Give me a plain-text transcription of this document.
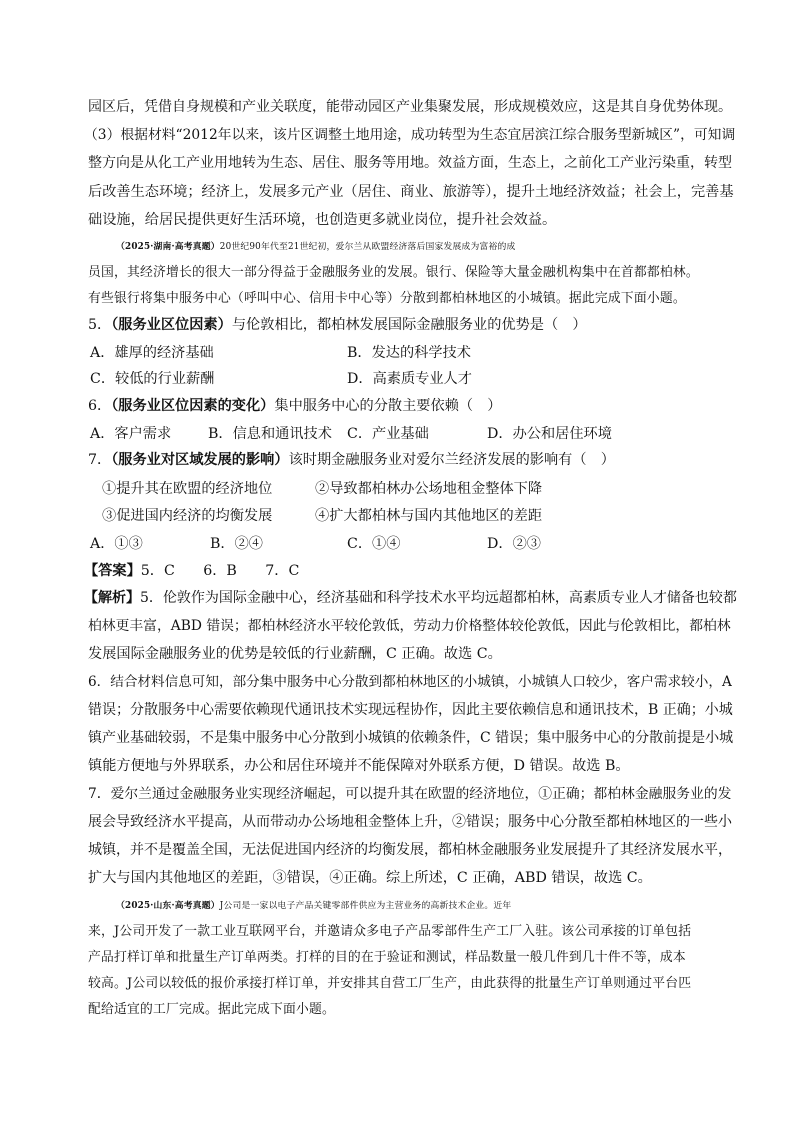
园区后，凭借自身规模和产业关联度，能带动园区产业集聚发展，形成规模效应，这是其自身优势体现。
（3）根据材料“2012年以来，该片区调整土地用途，成功转型为生态宜居滨江综合服务型新城区”，可知调
整方向是从化工产业用地转为生态、居住、服务等用地。效益方面，生态上，之前化工产业污染重，转型
后改善生态环境；经济上，发展多元产业（居住、商业、旅游等），提升土地经济效益；社会上，完善基
础设施，给居民提供更好生活环境，也创造更多就业岗位，提升社会效益。
（2025·湖南·高考真题）20世纪90年代至21世纪初，爱尔兰从欧盟经济落后国家发展成为富裕的成
员国，其经济增长的很大一部分得益于金融服务业的发展。银行、保险等大量金融机构集中在首都都柏林。
有些银行将集中服务中心（呼叫中心、信用卡中心等）分散到都柏林地区的小城镇。据此完成下面小题。
5．（服务业区位因素）与伦敦相比，都柏林发展国际金融服务业的优势是（　）
A．雄厚的经济基础	B．发达的科学技术
C．较低的行业薪酬	D．高素质专业人才
6．（服务业区位因素的变化）集中服务中心的分散主要依赖（　）
A．客户需求	B．信息和通讯技术 C．产业基础	D．办公和居住环境
7．（服务业对区域发展的影响）该时期金融服务业对爱尔兰经济发展的影响有（　）
①提升其在欧盟的经济地位	②导致都柏林办公场地租金整体下降
③促进国内经济的均衡发展	④扩大都柏林与国内其他地区的差距
A．①③	B．②④	C．①④	D．②③
【答案】5．C　　6．B　　7．C
【解析】5．伦敦作为国际金融中心，经济基础和科学技术水平均远超都柏林，高素质专业人才储备也较都
柏林更丰富，ABD 错误；都柏林经济水平较伦敦低，劳动力价格整体较伦敦低，因此与伦敦相比，都柏林
发展国际金融服务业的优势是较低的行业薪酬，C 正确。故选 C。
6．结合材料信息可知，部分集中服务中心分散到都柏林地区的小城镇，小城镇人口较少，客户需求较小，A
错误；分散服务中心需要依赖现代通讯技术实现远程协作，因此主要依赖信息和通讯技术，B 正确；小城
镇产业基础较弱，不是集中服务中心分散到小城镇的依赖条件，C 错误；集中服务中心的分散前提是小城
镇能方便地与外界联系，办公和居住环境并不能保障对外联系方便，D 错误。故选 B。
7．爱尔兰通过金融服务业实现经济崛起，可以提升其在欧盟的经济地位，①正确；都柏林金融服务业的发
展会导致经济水平提高，从而带动办公场地租金整体上升，②错误；服务中心分散至都柏林地区的一些小
城镇，并不是覆盖全国，无法促进国内经济的均衡发展，都柏林金融服务业发展提升了其经济发展水平，
扩大与国内其他地区的差距，③错误，④正确。综上所述，C 正确，ABD 错误，故选 C。
（2025·山东·高考真题）J公司是一家以电子产品关键零部件供应为主营业务的高新技术企业。近年
来，J公司开发了一款工业互联网平台，并邀请众多电子产品零部件生产工厂入驻。该公司承接的订单包括
产品打样订单和批量生产订单两类。打样的目的在于验证和测试，样品数量一般几件到几十件不等，成本
较高。J公司以较低的报价承接打样订单，并安排其自营工厂生产，由此获得的批量生产订单则通过平台匹
配给适宜的工厂完成。据此完成下面小题。
